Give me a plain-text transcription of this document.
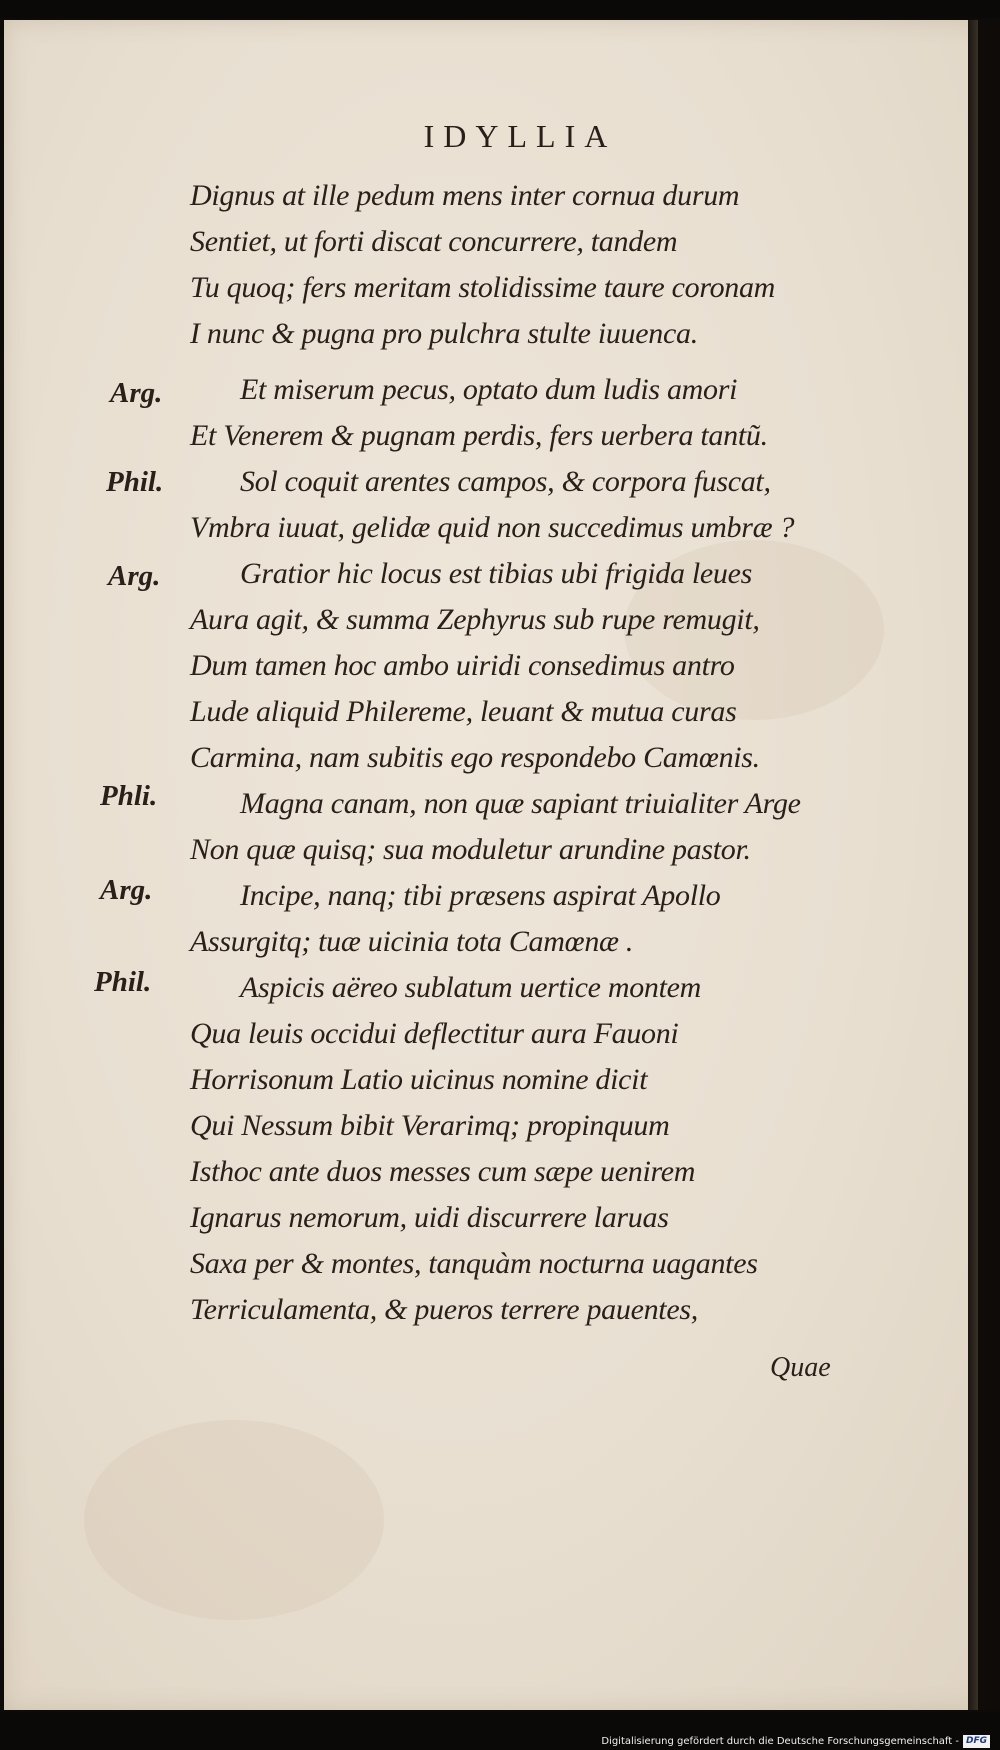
IDYLLIA
Dignus at ille pedum mens inter cornua durum
Sentiet, ut forti discat concurrere, tandem
Tu quoq; fers meritam stolidissime taure coronam
I nunc & pugna pro pulchra stulte iuuenca.
Arg.	Et miserum pecus, optato dum ludis amori
Et Venerem & pugnam perdis, fers uerbera tantũ.
Phil.	Sol coquit arentes campos, & corpora fuscat,
Vmbra iuuat, gelidæ quid non succedimus umbræ ?
Arg.	Gratior hic locus est tibias ubi frigida leues
Aura agit, & summa Zephyrus sub rupe remugit,
Dum tamen hoc ambo uiridi consedimus antro
Lude aliquid Philereme, leuant & mutua curas
Carmina, nam subitis ego respondebo Camœnis.
Phli.	Magna canam, non quæ sapiant triuialiter Arge
Non quæ quisq; sua moduletur arundine pastor.
Arg.	Incipe, nanq; tibi præsens aspirat Apollo
Assurgitq; tuæ uicinia tota Camœnæ .
Phil.	Aspicis aëreo sublatum uertice montem
Qua leuis occidui deflectitur aura Fauoni
Horrisonum Latio uicinus nomine dicit
Qui Nessum bibit Verarimq; propinquum
Isthoc ante duos messes cum sæpe uenirem
Ignarus nemorum, uidi discurrere laruas
Saxa per & montes, tanquàm nocturna uagantes
Terriculamenta, & pueros terrere pauentes,
Quae
Digitalisierung gefördert durch die Deutsche Forschungsgemeinschaft - DFG
